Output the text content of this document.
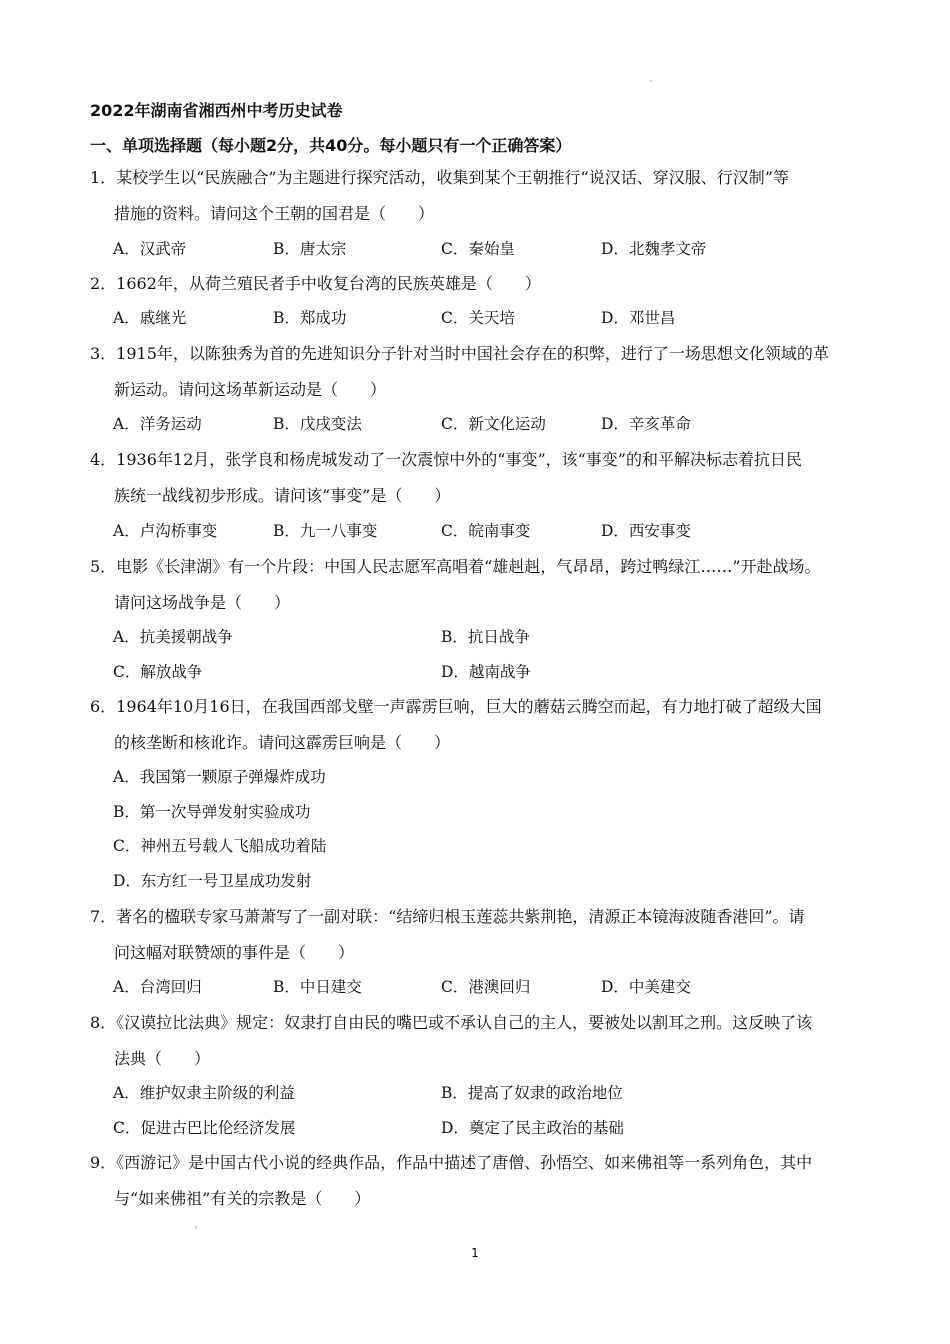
2022年湖南省湘西州中考历史试卷
一、单项选择题（每小题2分，共40分。每小题只有一个正确答案）
1．某校学生以“民族融合”为主题进行探究活动，收集到某个王朝推行“说汉话、穿汉服、行汉制”等
措施的资料。请问这个王朝的国君是（　　）
A．汉武帝	B．唐太宗	C．秦始皇	D．北魏孝文帝
2．1662年，从荷兰殖民者手中收复台湾的民族英雄是（　　）
A．戚继光	B．郑成功	C．关天培	D．邓世昌
3．1915年，以陈独秀为首的先进知识分子针对当时中国社会存在的积弊，进行了一场思想文化领域的革
新运动。请问这场革新运动是（　　）
A．洋务运动	B．戊戌变法	C．新文化运动	D．辛亥革命
4．1936年12月，张学良和杨虎城发动了一次震惊中外的“事变”，该“事变”的和平解决标志着抗日民
族统一战线初步形成。请问该“事变”是（　　）
A．卢沟桥事变	B．九一八事变	C．皖南事变	D．西安事变
5．电影《长津湖》有一个片段：中国人民志愿军高唱着“雄赳赳，气昂昂，跨过鸭绿江……”开赴战场。
请问这场战争是（　　）
A．抗美援朝战争	B．抗日战争
C．解放战争	D．越南战争
6．1964年10月16日，在我国西部戈壁一声霹雳巨响，巨大的蘑菇云腾空而起，有力地打破了超级大国
的核垄断和核讹诈。请问这霹雳巨响是（　　）
A．我国第一颗原子弹爆炸成功
B．第一次导弹发射实验成功
C．神州五号载人飞船成功着陆
D．东方红一号卫星成功发射
7．著名的楹联专家马萧萧写了一副对联：“结缔归根玉莲蕊共紫荆艳，清源正本镜海波随香港回”。请
问这幅对联赞颂的事件是（　　）
A．台湾回归	B．中日建交	C．港澳回归	D．中美建交
8．《汉谟拉比法典》规定：奴隶打自由民的嘴巴或不承认自己的主人，要被处以割耳之刑。这反映了该
法典（　　）
A．维护奴隶主阶级的利益	B．提高了奴隶的政治地位
C．促进古巴比伦经济发展	D．奠定了民主政治的基础
9．《西游记》是中国古代小说的经典作品，作品中描述了唐僧、孙悟空、如来佛祖等一系列角色，其中
与“如来佛祖”有关的宗教是（　　）
1
